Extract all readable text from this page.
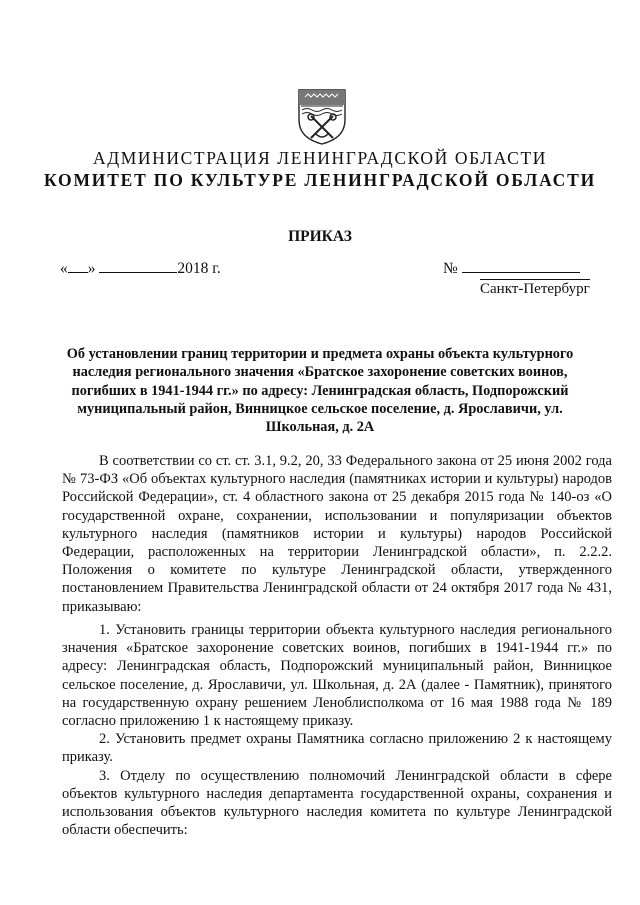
АДМИНИСТРАЦИЯ ЛЕНИНГРАДСКОЙ ОБЛАСТИ
КОМИТЕТ ПО КУЛЬТУРЕ ЛЕНИНГРАДСКОЙ ОБЛАСТИ
ПРИКАЗ
« »	2018 г.	№
Санкт-Петербург
Об установлении границ территории и предмета охраны объекта культурного наследия регионального значения «Братское захоронение советских воинов, погибших в 1941-1944 гг.» по адресу: Ленинградская область, Подпорожский муниципальный район, Винницкое сельское поселение, д. Ярославичи, ул. Школьная, д. 2А

В соответствии со ст. ст. 3.1, 9.2, 20, 33 Федерального закона от 25 июня 2002 года № 73-ФЗ «Об объектах культурного наследия (памятниках истории и культуры) народов Российской Федерации», ст. 4 областного закона от 25 декабря 2015 года № 140-оз «О государственной охране, сохранении, использовании и популяризации объектов культурного наследия (памятников истории и культуры) народов Российской Федерации, расположенных на территории Ленинградской области», п. 2.2.2. Положения о комитете по культуре Ленинградской области, утвержденного постановлением Правительства Ленинградской области от 24 октября 2017 года № 431, приказываю:

1. Установить границы территории объекта культурного наследия регионального значения «Братское захоронение советских воинов, погибших в 1941-1944 гг.» по адресу: Ленинградская область, Подпорожский муниципальный район, Винницкое сельское поселение, д. Ярославичи, ул. Школьная, д. 2А (далее - Памятник), принятого на государственную охрану решением Леноблисполкома от 16 мая 1988 года № 189 согласно приложению 1 к настоящему приказу.

2. Установить предмет охраны Памятника согласно приложению 2 к настоящему приказу.

3. Отделу по осуществлению полномочий Ленинградской области в сфере объектов культурного наследия департамента государственной охраны, сохранения и использования объектов культурного наследия комитета по культуре Ленинградской области обеспечить:
